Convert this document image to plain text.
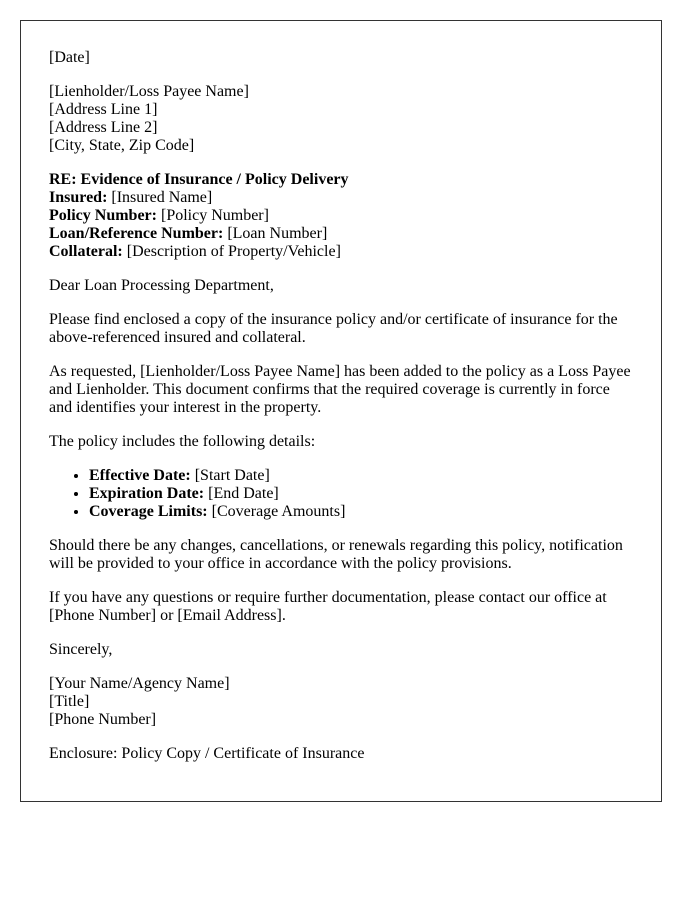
[Date]

[Lienholder/Loss Payee Name]
[Address Line 1]
[Address Line 2]
[City, State, Zip Code]

RE: Evidence of Insurance / Policy Delivery
Insured: [Insured Name]
Policy Number: [Policy Number]
Loan/Reference Number: [Loan Number]
Collateral: [Description of Property/Vehicle]

Dear Loan Processing Department,

Please find enclosed a copy of the insurance policy and/or certificate of insurance for the above-referenced insured and collateral.

As requested, [Lienholder/Loss Payee Name] has been added to the policy as a Loss Payee and Lienholder. This document confirms that the required coverage is currently in force and identifies your interest in the property.

The policy includes the following details:

• Effective Date: [Start Date]
• Expiration Date: [End Date]
• Coverage Limits: [Coverage Amounts]

Should there be any changes, cancellations, or renewals regarding this policy, notification will be provided to your office in accordance with the policy provisions.

If you have any questions or require further documentation, please contact our office at [Phone Number] or [Email Address].

Sincerely,

[Your Name/Agency Name]
[Title]
[Phone Number]

Enclosure: Policy Copy / Certificate of Insurance
